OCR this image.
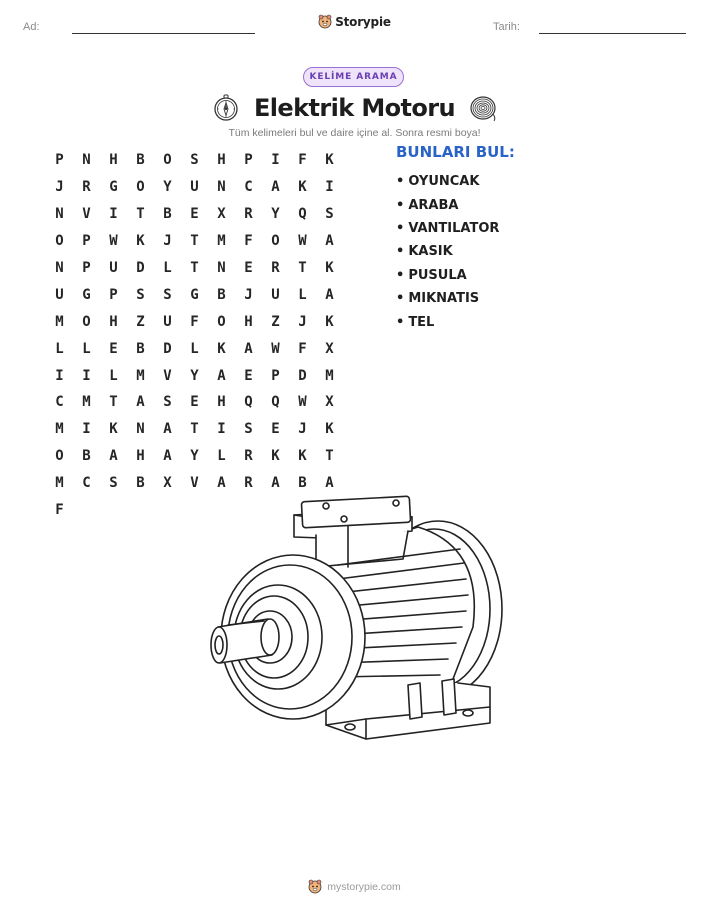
Ad:	Storypie	Tarih:
KELİME ARAMA
Elektrik Motoru
Tüm kelimeleri bul ve daire içine al. Sonra resmi boya!
P	N	H	B	O	S	H	P	I	F	K
J	R	G	O	Y	U	N	C	A	K	I
N	V	I	T	B	E	X	R	Y	Q	S
O	P	W	K	J	T	M	F	O	W	A
N	P	U	D	L	T	N	E	R	T	K
U	G	P	S	S	G	B	J	U	L	A
M	O	H	Z	U	F	O	H	Z	J	K
L	L	E	B	D	L	K	A	W	F	X
I	I	L	M	V	Y	A	E	P	D	M
C	M	T	A	S	E	H	Q	Q	W	X
M	I	K	N	A	T	I	S	E	J	K
O	B	A	H	A	Y	L	R	K	K	T
M	C	S	B	X	V	A	R	A	B	A
F
BUNLARI BUL:
• OYUNCAK
• ARABA
• VANTILATOR
• KASIK
• PUSULA
• MIKNATIS
• TEL
mystorypie.com
